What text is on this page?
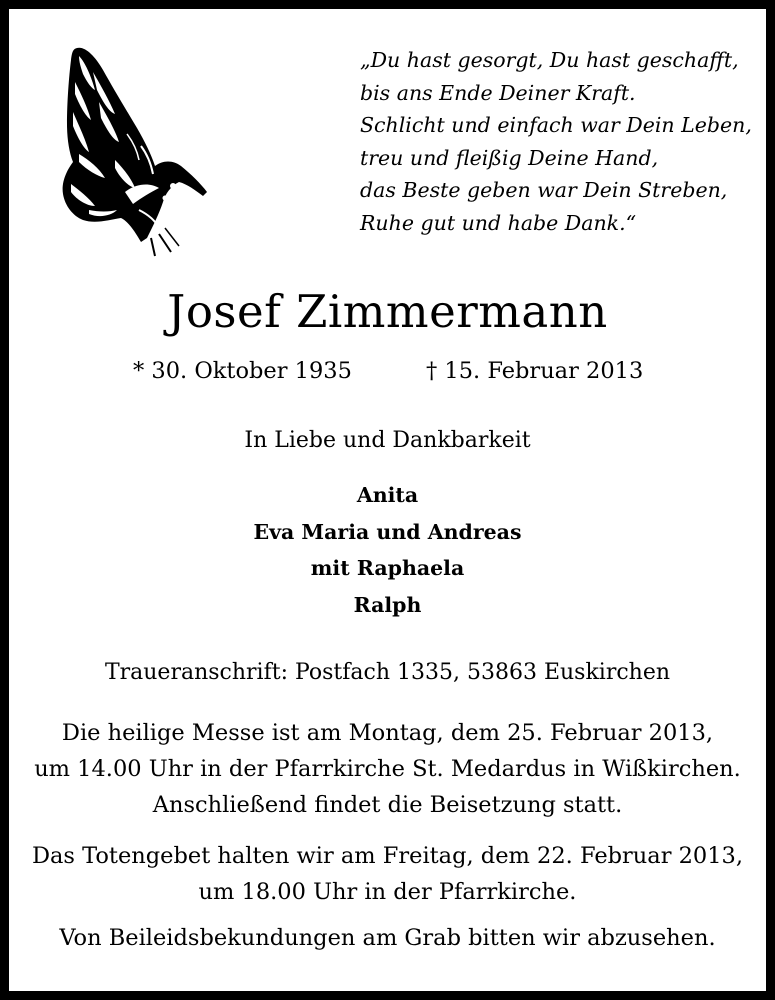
„Du hast gesorgt, Du hast geschafft,
bis ans Ende Deiner Kraft.
Schlicht und einfach war Dein Leben,
treu und fleißig Deine Hand,
das Beste geben war Dein Streben,
Ruhe gut und habe Dank.“
Josef Zimmermann
* 30. Oktober 1935	† 15. Februar 2013
In Liebe und Dankbarkeit
Anita
Eva Maria und Andreas
mit Raphaela
Ralph
Traueranschrift: Postfach 1335, 53863 Euskirchen
Die heilige Messe ist am Montag, dem 25. Februar 2013,
um 14.00 Uhr in der Pfarrkirche St. Medardus in Wißkirchen.
Anschließend findet die Beisetzung statt.
Das Totengebet halten wir am Freitag, dem 22. Februar 2013,
um 18.00 Uhr in der Pfarrkirche.
Von Beileidsbekundungen am Grab bitten wir abzusehen.
